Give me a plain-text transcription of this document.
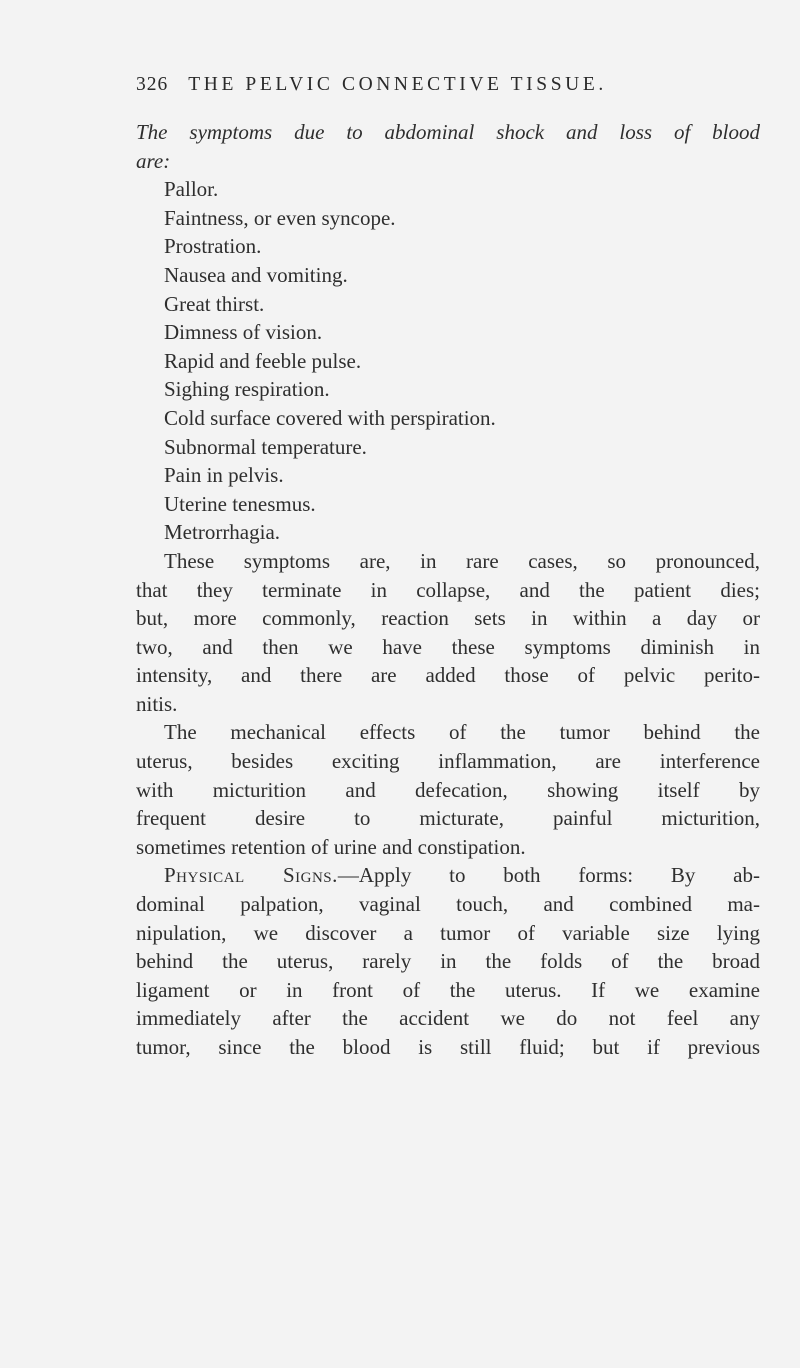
326 THE PELVIC CONNECTIVE TISSUE.
The symptoms due to abdominal shock and loss of blood
are:
Pallor.
Faintness, or even syncope.
Prostration.
Nausea and vomiting.
Great thirst.
Dimness of vision.
Rapid and feeble pulse.
Sighing respiration.
Cold surface covered with perspiration.
Subnormal temperature.
Pain in pelvis.
Uterine tenesmus.
Metrorrhagia.
These symptoms are, in rare cases, so pronounced,
that they terminate in collapse, and the patient dies;
but, more commonly, reaction sets in within a day or
two, and then we have these symptoms diminish in
intensity, and there are added those of pelvic perito-
nitis.
The mechanical effects of the tumor behind the
uterus, besides exciting inflammation, are interference
with micturition and defecation, showing itself by
frequent desire to micturate, painful micturition,
sometimes retention of urine and constipation.
Physical Signs.—Apply to both forms: By ab-
dominal palpation, vaginal touch, and combined ma-
nipulation, we discover a tumor of variable size lying
behind the uterus, rarely in the folds of the broad
ligament or in front of the uterus. If we examine
immediately after the accident we do not feel any
tumor, since the blood is still fluid; but if previous
